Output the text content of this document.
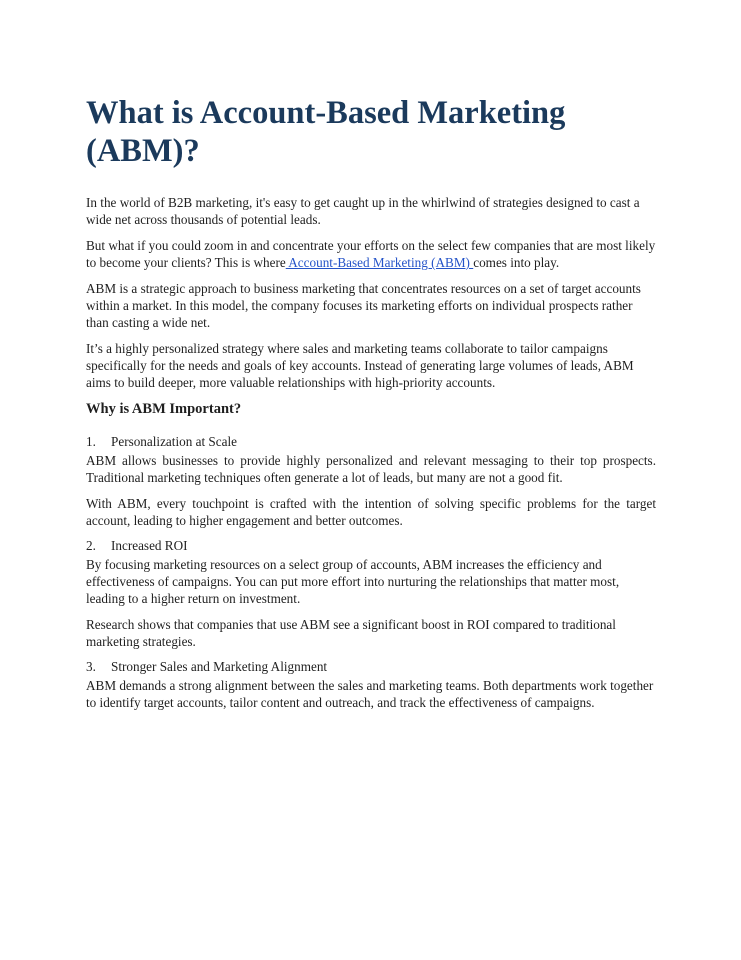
What is Account-Based Marketing (ABM)?

In the world of B2B marketing, it's easy to get caught up in the whirlwind of strategies designed to cast a wide net across thousands of potential leads.

But what if you could zoom in and concentrate your efforts on the select few companies that are most likely to become your clients? This is where Account-Based Marketing (ABM) comes into play.

ABM is a strategic approach to business marketing that concentrates resources on a set of target accounts within a market. In this model, the company focuses its marketing efforts on individual prospects rather than casting a wide net.

It’s a highly personalized strategy where sales and marketing teams collaborate to tailor campaigns specifically for the needs and goals of key accounts. Instead of generating large volumes of leads, ABM aims to build deeper, more valuable relationships with high-priority accounts.

Why is ABM Important?
1.	Personalization at Scale

ABM allows businesses to provide highly personalized and relevant messaging to their top prospects. Traditional marketing techniques often generate a lot of leads, but many are not a good fit.

With ABM, every touchpoint is crafted with the intention of solving specific problems for the target account, leading to higher engagement and better outcomes.

2.	Increased ROI

By focusing marketing resources on a select group of accounts, ABM increases the efficiency and effectiveness of campaigns. You can put more effort into nurturing the relationships that matter most, leading to a higher return on investment.

Research shows that companies that use ABM see a significant boost in ROI compared to traditional marketing strategies.

3.	Stronger Sales and Marketing Alignment

ABM demands a strong alignment between the sales and marketing teams. Both departments work together to identify target accounts, tailor content and outreach, and track the effectiveness of campaigns.
